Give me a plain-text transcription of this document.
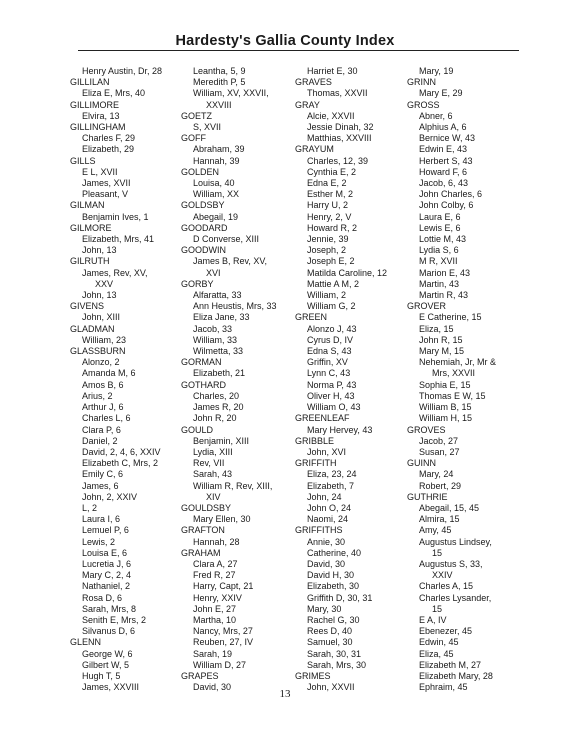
Hardesty's Gallia County Index
Henry Austin, Dr, 28
GILLILAN
Eliza E, Mrs, 40
GILLIMORE
Elvira, 13
GILLINGHAM
Charles F, 29
Elizabeth, 29
GILLS
E L, XVII
James, XVII
Pleasant, V
GILMAN
Benjamin Ives, 1
GILMORE
Elizabeth, Mrs, 41
John, 13
GILRUTH
James, Rev, XV,
XXV
John, 13
GIVENS
John, XIII
GLADMAN
William, 23
GLASSBURN
Alonzo, 2
Amanda M, 6
Amos B, 6
Arius, 2
Arthur J, 6
Charles L, 6
Clara P, 6
Daniel, 2
David, 2, 4, 6, XXIV
Elizabeth C, Mrs, 2
Emily C, 6
James, 6
John, 2, XXIV
L, 2
Laura I, 6
Lemuel P, 6
Lewis, 2
Louisa E, 6
Lucretia J, 6
Mary C, 2, 4
Nathaniel, 2
Rosa D, 6
Sarah, Mrs, 8
Senith E, Mrs, 2
Silvanus D, 6
GLENN
George W, 6
Gilbert W, 5
Hugh T, 5
James, XXVIII
Leantha, 5, 9
Meredith P, 5
William, XV, XXVII,
XXVIII
GOETZ
S, XVII
GOFF
Abraham, 39
Hannah, 39
GOLDEN
Louisa, 40
William, XX
GOLDSBY
Abegail, 19
GOODARD
D Converse, XIII
GOODWIN
James B, Rev, XV,
XVI
GORBY
Alfaratta, 33
Ann Heustis, Mrs, 33
Eliza Jane, 33
Jacob, 33
William, 33
Wilmetta, 33
GORMAN
Elizabeth, 21
GOTHARD
Charles, 20
James R, 20
John R, 20
GOULD
Benjamin, XIII
Lydia, XIII
Rev, VII
Sarah, 43
William R, Rev, XIII,
XIV
GOULDSBY
Mary Ellen, 30
GRAFTON
Hannah, 28
GRAHAM
Clara A, 27
Fred R, 27
Harry, Capt, 21
Henry, XXIV
John E, 27
Martha, 10
Nancy, Mrs, 27
Reuben, 27, IV
Sarah, 19
William D, 27
GRAPES
David, 30
Harriet E, 30
GRAVES
Thomas, XXVII
GRAY
Alcie, XXVII
Jessie Dinah, 32
Matthias, XXVIII
GRAYUM
Charles, 12, 39
Cynthia E, 2
Edna E, 2
Esther M, 2
Harry U, 2
Henry, 2, V
Howard R, 2
Jennie, 39
Joseph, 2
Joseph E, 2
Matilda Caroline, 12
Mattie A M, 2
William, 2
William G, 2
GREEN
Alonzo J, 43
Cyrus D, IV
Edna S, 43
Griffin, XV
Lynn C, 43
Norma P, 43
Oliver H, 43
William O, 43
GREENLEAF
Mary Hervey, 43
GRIBBLE
John, XVI
GRIFFITH
Eliza, 23, 24
Elizabeth, 7
John, 24
John O, 24
Naomi, 24
GRIFFITHS
Annie, 30
Catherine, 40
David, 30
David H, 30
Elizabeth, 30
Griffith D, 30, 31
Mary, 30
Rachel G, 30
Rees D, 40
Samuel, 30
Sarah, 30, 31
Sarah, Mrs, 30
GRIMES
John, XXVII
Mary, 19
GRINN
Mary E, 29
GROSS
Abner, 6
Alphius A, 6
Bernice W, 43
Edwin E, 43
Herbert S, 43
Howard F, 6
Jacob, 6, 43
John Charles, 6
John Colby, 6
Laura E, 6
Lewis E, 6
Lottie M, 43
Lydia S, 6
M R, XVII
Marion E, 43
Martin, 43
Martin R, 43
GROVER
E Catherine, 15
Eliza, 15
John R, 15
Mary M, 15
Nehemiah, Jr, Mr &
Mrs, XXVII
Sophia E, 15
Thomas E W, 15
William B, 15
William H, 15
GROVES
Jacob, 27
Susan, 27
GUINN
Mary, 24
Robert, 29
GUTHRIE
Abegail, 15, 45
Almira, 15
Amy, 45
Augustus Lindsey,
15
Augustus S, 33,
XXIV
Charles A, 15
Charles Lysander,
15
E A, IV
Ebenezer, 45
Edwin, 45
Eliza, 45
Elizabeth M, 27
Elizabeth Mary, 28
Ephraim, 45
13
